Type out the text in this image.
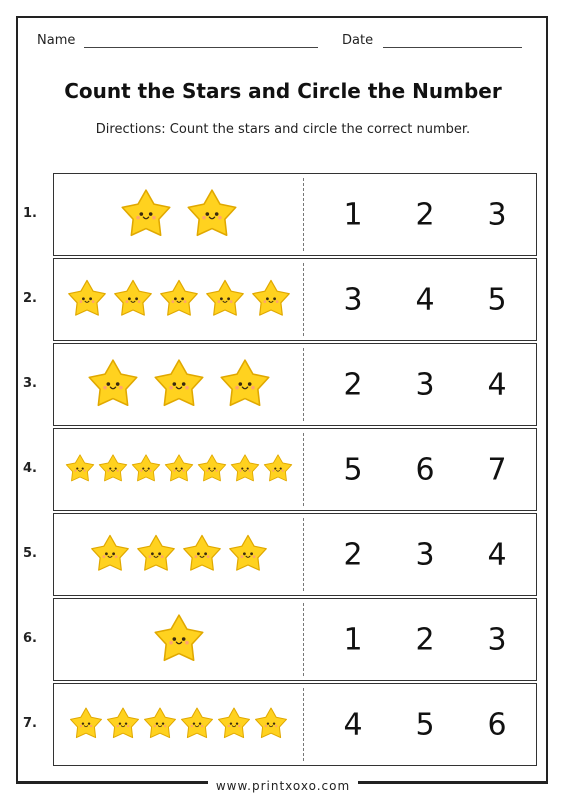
Name	Date
Count the Stars and Circle the Number
Directions: Count the stars and circle the correct number.
1.	1 2 3
2.	3 4 5
3.	2 3 4
4.	5 6 7
5.	2 3 4
6.	1 2 3
7.	4 5 6
www.printxoxo.com
